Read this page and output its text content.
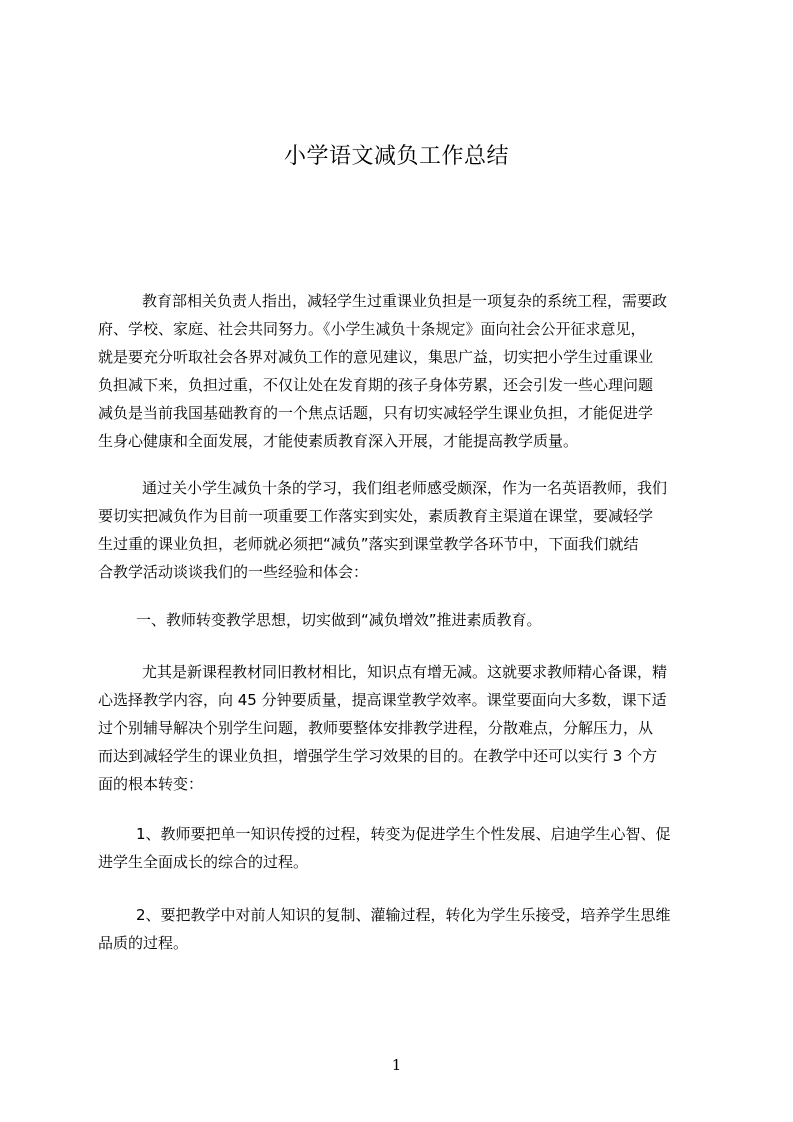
小学语文减负工作总结
教育部相关负责人指出，减轻学生过重课业负担是一项复杂的系统工程，需要政
府、学校、家庭、社会共同努力。《小学生减负十条规定》面向社会公开征求意见，
就是要充分听取社会各界对减负工作的意见建议，集思广益，切实把小学生过重课业
负担减下来，负担过重，不仅让处在发育期的孩子身体劳累，还会引发一些心理问题
减负是当前我国基础教育的一个焦点话题，只有切实减轻学生课业负担，才能促进学
生身心健康和全面发展，才能使素质教育深入开展，才能提高教学质量。
通过关小学生减负十条的学习，我们组老师感受颇深，作为一名英语教师，我们
要切实把减负作为目前一项重要工作落实到实处，素质教育主渠道在课堂，要减轻学
生过重的课业负担，老师就必须把“减负”落实到课堂教学各环节中，下面我们就结
合教学活动谈谈我们的一些经验和体会：
一、教师转变教学思想，切实做到“减负增效”推进素质教育。
尤其是新课程教材同旧教材相比，知识点有增无减。这就要求教师精心备课，精
心选择教学内容，向 45 分钟要质量，提高课堂教学效率。课堂要面向大多数，课下适
过个别辅导解决个别学生问题，教师要整体安排教学进程，分散难点，分解压力，从
而达到减轻学生的课业负担，增强学生学习效果的目的。在教学中还可以实行 3 个方
面的根本转变：
1、教师要把单一知识传授的过程，转变为促进学生个性发展、启迪学生心智、促
进学生全面成长的综合的过程。
2、要把教学中对前人知识的复制、灌输过程，转化为学生乐接受，培养学生思维
品质的过程。
1
